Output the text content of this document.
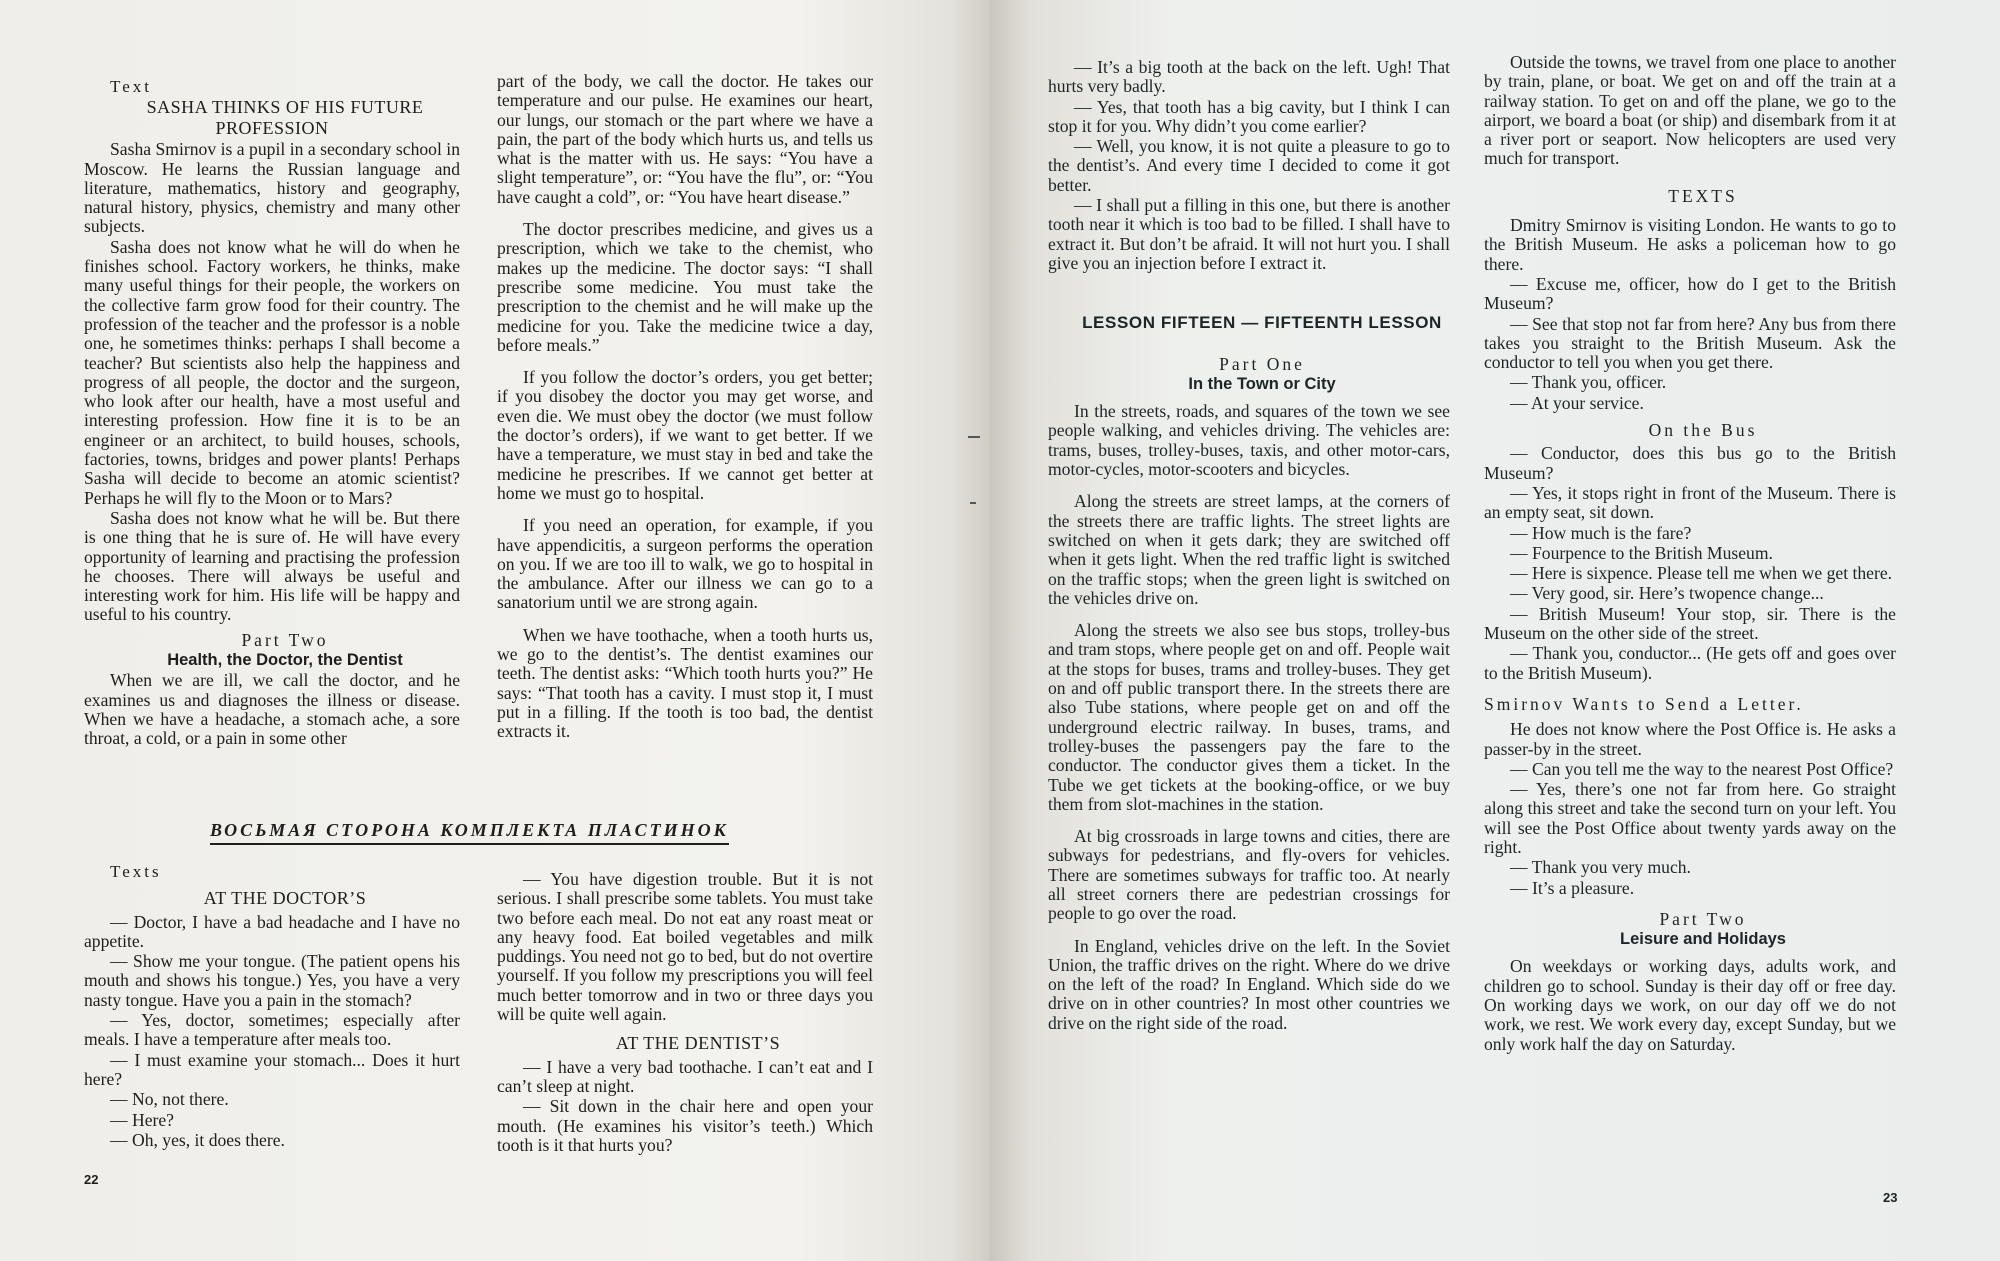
Text

SASHA THINKS OF HIS FUTURE PROFESSION

Sasha Smirnov is a pupil in a secondary school in Moscow. He learns the Russian language and literature, mathematics, history and geography, natural history, physics, chemistry and many other subjects.

Sasha does not know what he will do when he finishes school. Factory workers, he thinks, make many useful things for their people, the workers on the collective farm grow food for their country. The profession of the teacher and the professor is a noble one, he sometimes thinks: perhaps I shall become a teacher? But scientists also help the happiness and progress of all people, the doctor and the surgeon, who look after our health, have a most useful and interesting profession. How fine it is to be an engineer or an architect, to build houses, schools, factories, towns, bridges and power plants! Perhaps Sasha will decide to become an atomic scientist? Perhaps he will fly to the Moon or to Mars?

Sasha does not know what he will be. But there is one thing that he is sure of. He will have every opportunity of learning and practising the profession he chooses. There will always be useful and interesting work for him. His life will be happy and useful to his country.

Part Two

Health, the Doctor, the Dentist

When we are ill, we call the doctor, and he examines us and diagnoses the illness or disease. When we have a headache, a stomach ache, a sore throat, a cold, or a pain in some other

part of the body, we call the doctor. He takes our temperature and our pulse. He examines our heart, our lungs, our stomach or the part where we have a pain, the part of the body which hurts us, and tells us what is the matter with us. He says: “You have a slight temperature”, or: “You have the flu”, or: “You have caught a cold”, or: “You have heart disease.”

The doctor prescribes medicine, and gives us a prescription, which we take to the chemist, who makes up the medicine. The doctor says: “I shall prescribe some medicine. You must take the prescription to the chemist and he will make up the medicine for you. Take the medicine twice a day, before meals.”

If you follow the doctor’s orders, you get better; if you disobey the doctor you may get worse, and even die. We must obey the doctor (we must follow the doctor’s orders), if we want to get better. If we have a temperature, we must stay in bed and take the medicine he prescribes. If we cannot get better at home we must go to hospital.

If you need an operation, for example, if you have appendicitis, a surgeon performs the operation on you. If we are too ill to walk, we go to hospital in the ambulance. After our illness we can go to a sanatorium until we are strong again.

When we have toothache, when a tooth hurts us, we go to the dentist’s. The dentist examines our teeth. The dentist asks: “Which tooth hurts you?” He says: “That tooth has a cavity. I must stop it, I must put in a filling. If the tooth is too bad, the dentist extracts it.

ВОСЬМАЯ СТОРОНА КОМПЛЕКТА ПЛАСТИНОК

Texts

AT THE DOCTOR’S

— Doctor, I have a bad headache and I have no appetite.

— Show me your tongue. (The patient opens his mouth and shows his tongue.) Yes, you have a very nasty tongue. Have you a pain in the stomach?

— Yes, doctor, sometimes; especially after meals. I have a temperature after meals too.

— I must examine your stomach... Does it hurt here?

— No, not there.

— Here?

— Oh, yes, it does there.

— You have digestion trouble. But it is not serious. I shall prescribe some tablets. You must take two before each meal. Do not eat any roast meat or any heavy food. Eat boiled vegetables and milk puddings. You need not go to bed, but do not overtire yourself. If you follow my prescriptions you will feel much better tomorrow and in two or three days you will be quite well again.

AT THE DENTIST’S

— I have a very bad toothache. I can’t eat and I can’t sleep at night.

— Sit down in the chair here and open your mouth. (He examines his visitor’s teeth.) Which tooth is it that hurts you?

22

— It’s a big tooth at the back on the left. Ugh! That hurts very badly.

— Yes, that tooth has a big cavity, but I think I can stop it for you. Why didn’t you come earlier?

— Well, you know, it is not quite a pleasure to go to the dentist’s. And every time I decided to come it got better.

— I shall put a filling in this one, but there is another tooth near it which is too bad to be filled. I shall have to extract it. But don’t be afraid. It will not hurt you. I shall give you an injection before I extract it.

LESSON FIFTEEN — FIFTEENTH LESSON

Part One

In the Town or City

In the streets, roads, and squares of the town we see people walking, and vehicles driving. The vehicles are: trams, buses, trolley-buses, taxis, and other motor-cars, motor-cycles, motor-scooters and bicycles.

Along the streets are street lamps, at the corners of the streets there are traffic lights. The street lights are switched on when it gets dark; they are switched off when it gets light. When the red traffic light is switched on the traffic stops; when the green light is switched on the vehicles drive on.

Along the streets we also see bus stops, trolley-bus and tram stops, where people get on and off. People wait at the stops for buses, trams and trolley-buses. They get on and off public transport there. In the streets there are also Tube stations, where people get on and off the underground electric railway. In buses, trams, and trolley-buses the passengers pay the fare to the conductor. The conductor gives them a ticket. In the Tube we get tickets at the booking-office, or we buy them from slot-machines in the station.

At big crossroads in large towns and cities, there are subways for pedestrians, and fly-overs for vehicles. There are sometimes subways for traffic too. At nearly all street corners there are pedestrian crossings for people to go over the road.

In England, vehicles drive on the left. In the Soviet Union, the traffic drives on the right. Where do we drive on the left of the road? In England. Which side do we drive on in other countries? In most other countries we drive on the right side of the road.

Outside the towns, we travel from one place to another by train, plane, or boat. We get on and off the train at a railway station. To get on and off the plane, we go to the airport, we board a boat (or ship) and disembark from it at a river port or seaport. Now helicopters are used very much for transport.

TEXTS

Dmitry Smirnov is visiting London. He wants to go to the British Museum. He asks a policeman how to go there.

— Excuse me, officer, how do I get to the British Museum?

— See that stop not far from here? Any bus from there takes you straight to the British Museum. Ask the conductor to tell you when you get there.

— Thank you, officer.

— At your service.

On the Bus

— Conductor, does this bus go to the British Museum?

— Yes, it stops right in front of the Museum. There is an empty seat, sit down.

— How much is the fare?

— Fourpence to the British Museum.

— Here is sixpence. Please tell me when we get there.

— Very good, sir. Here’s twopence change...

— British Museum! Your stop, sir. There is the Museum on the other side of the street.

— Thank you, conductor... (He gets off and goes over to the British Museum).

Smirnov Wants to Send a Letter.

He does not know where the Post Office is. He asks a passer-by in the street.

— Can you tell me the way to the nearest Post Office?

— Yes, there’s one not far from here. Go straight along this street and take the second turn on your left. You will see the Post Office about twenty yards away on the right.

— Thank you very much.

— It’s a pleasure.

Part Two

Leisure and Holidays

On weekdays or working days, adults work, and children go to school. Sunday is their day off or free day. On working days we work, on our day off we do not work, we rest. We work every day, except Sunday, but we only work half the day on Saturday.

23
